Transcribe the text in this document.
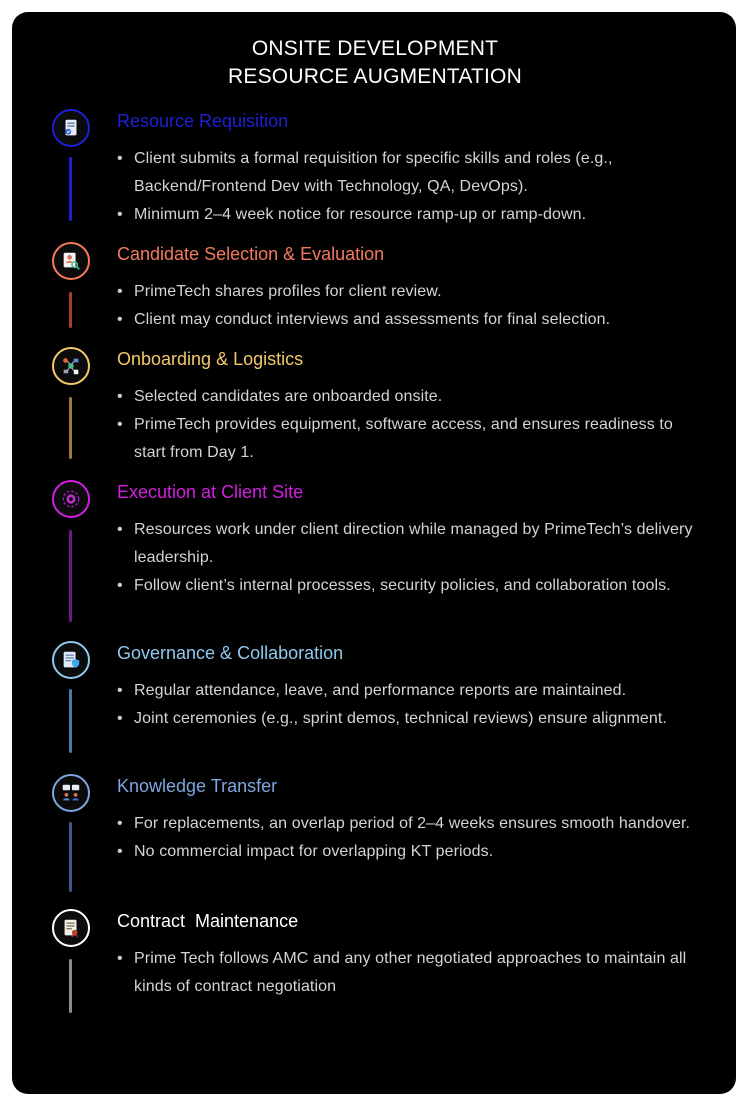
ONSITE DEVELOPMENT
RESOURCE AUGMENTATION
Resource Requisition
• Client submits a formal requisition for specific skills and roles (e.g., Backend/Frontend Dev with Technology, QA, DevOps).
• Minimum 2–4 week notice for resource ramp-up or ramp-down.
Candidate Selection & Evaluation
• PrimeTech shares profiles for client review.
• Client may conduct interviews and assessments for final selection.
Onboarding & Logistics
• Selected candidates are onboarded onsite.
• PrimeTech provides equipment, software access, and ensures readiness to start from Day 1.
Execution at Client Site
• Resources work under client direction while managed by PrimeTech’s delivery leadership.
• Follow client’s internal processes, security policies, and collaboration tools.
Governance & Collaboration
• Regular attendance, leave, and performance reports are maintained.
• Joint ceremonies (e.g., sprint demos, technical reviews) ensure alignment.
Knowledge Transfer
• For replacements, an overlap period of 2–4 weeks ensures smooth handover.
• No commercial impact for overlapping KT periods.
Contract  Maintenance
• Prime Tech follows AMC and any other negotiated approaches to maintain all kinds of contract negotiation
